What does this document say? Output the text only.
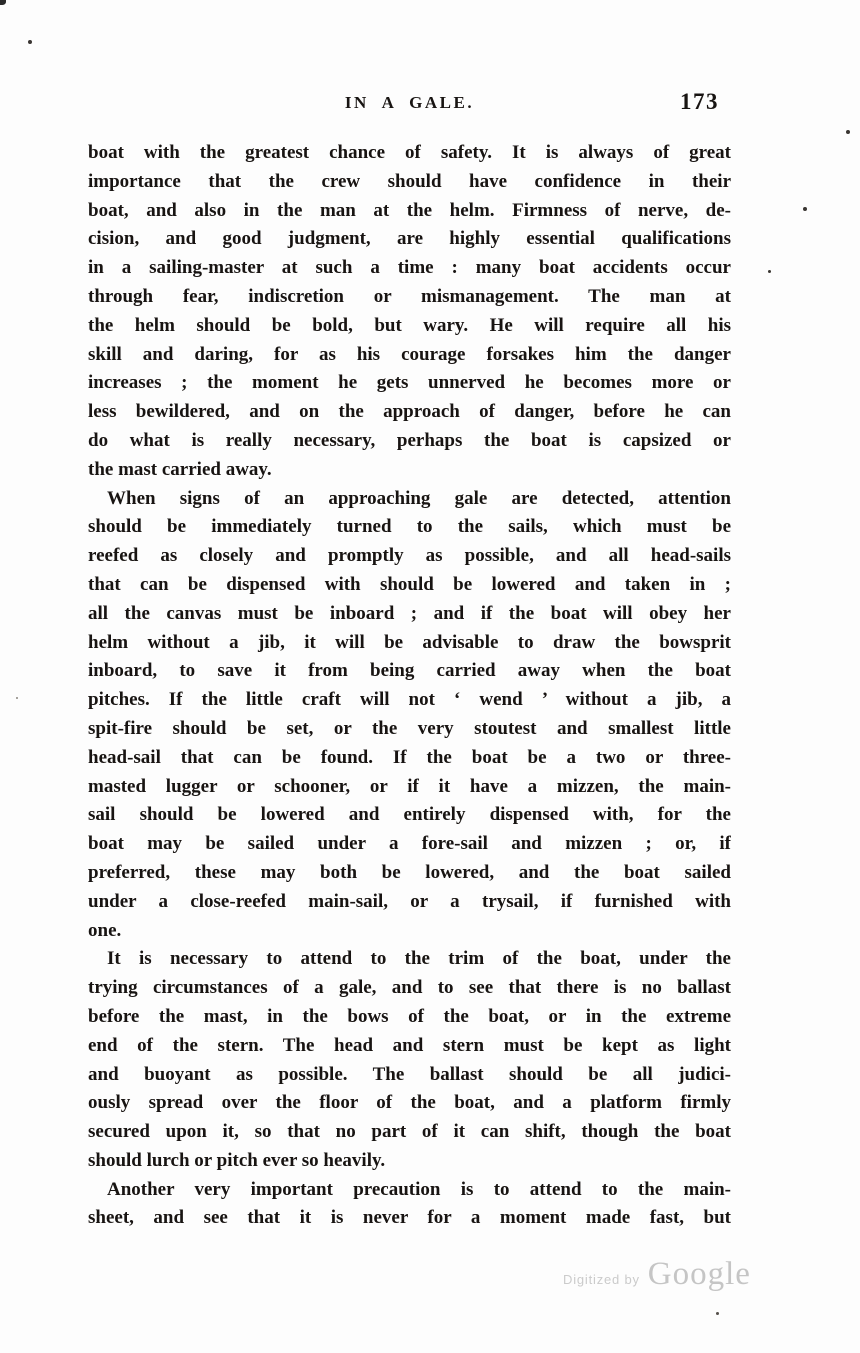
IN A GALE.	173
boat with the greatest chance of safety. It is always of great
importance that the crew should have confidence in their
boat, and also in the man at the helm. Firmness of nerve, de-
cision, and good judgment, are highly essential qualifications
in a sailing-master at such a time : many boat accidents occur
through fear, indiscretion or mismanagement. The man at
the helm should be bold, but wary. He will require all his
skill and daring, for as his courage forsakes him the danger
increases ; the moment he gets unnerved he becomes more or
less bewildered, and on the approach of danger, before he can
do what is really necessary, perhaps the boat is capsized or
the mast carried away.
When signs of an approaching gale are detected, attention
should be immediately turned to the sails, which must be
reefed as closely and promptly as possible, and all head-sails
that can be dispensed with should be lowered and taken in ;
all the canvas must be inboard ; and if the boat will obey her
helm without a jib, it will be advisable to draw the bowsprit
inboard, to save it from being carried away when the boat
pitches. If the little craft will not ‘ wend ’ without a jib, a
spit-fire should be set, or the very stoutest and smallest little
head-sail that can be found. If the boat be a two or three-
masted lugger or schooner, or if it have a mizzen, the main-
sail should be lowered and entirely dispensed with, for the
boat may be sailed under a fore-sail and mizzen ; or, if
preferred, these may both be lowered, and the boat sailed
under a close-reefed main-sail, or a trysail, if furnished with
one.
It is necessary to attend to the trim of the boat, under the
trying circumstances of a gale, and to see that there is no ballast
before the mast, in the bows of the boat, or in the extreme
end of the stern. The head and stern must be kept as light
and buoyant as possible. The ballast should be all judici-
ously spread over the floor of the boat, and a platform firmly
secured upon it, so that no part of it can shift, though the boat
should lurch or pitch ever so heavily.
Another very important precaution is to attend to the main-
sheet, and see that it is never for a moment made fast, but
Digitized by Google
